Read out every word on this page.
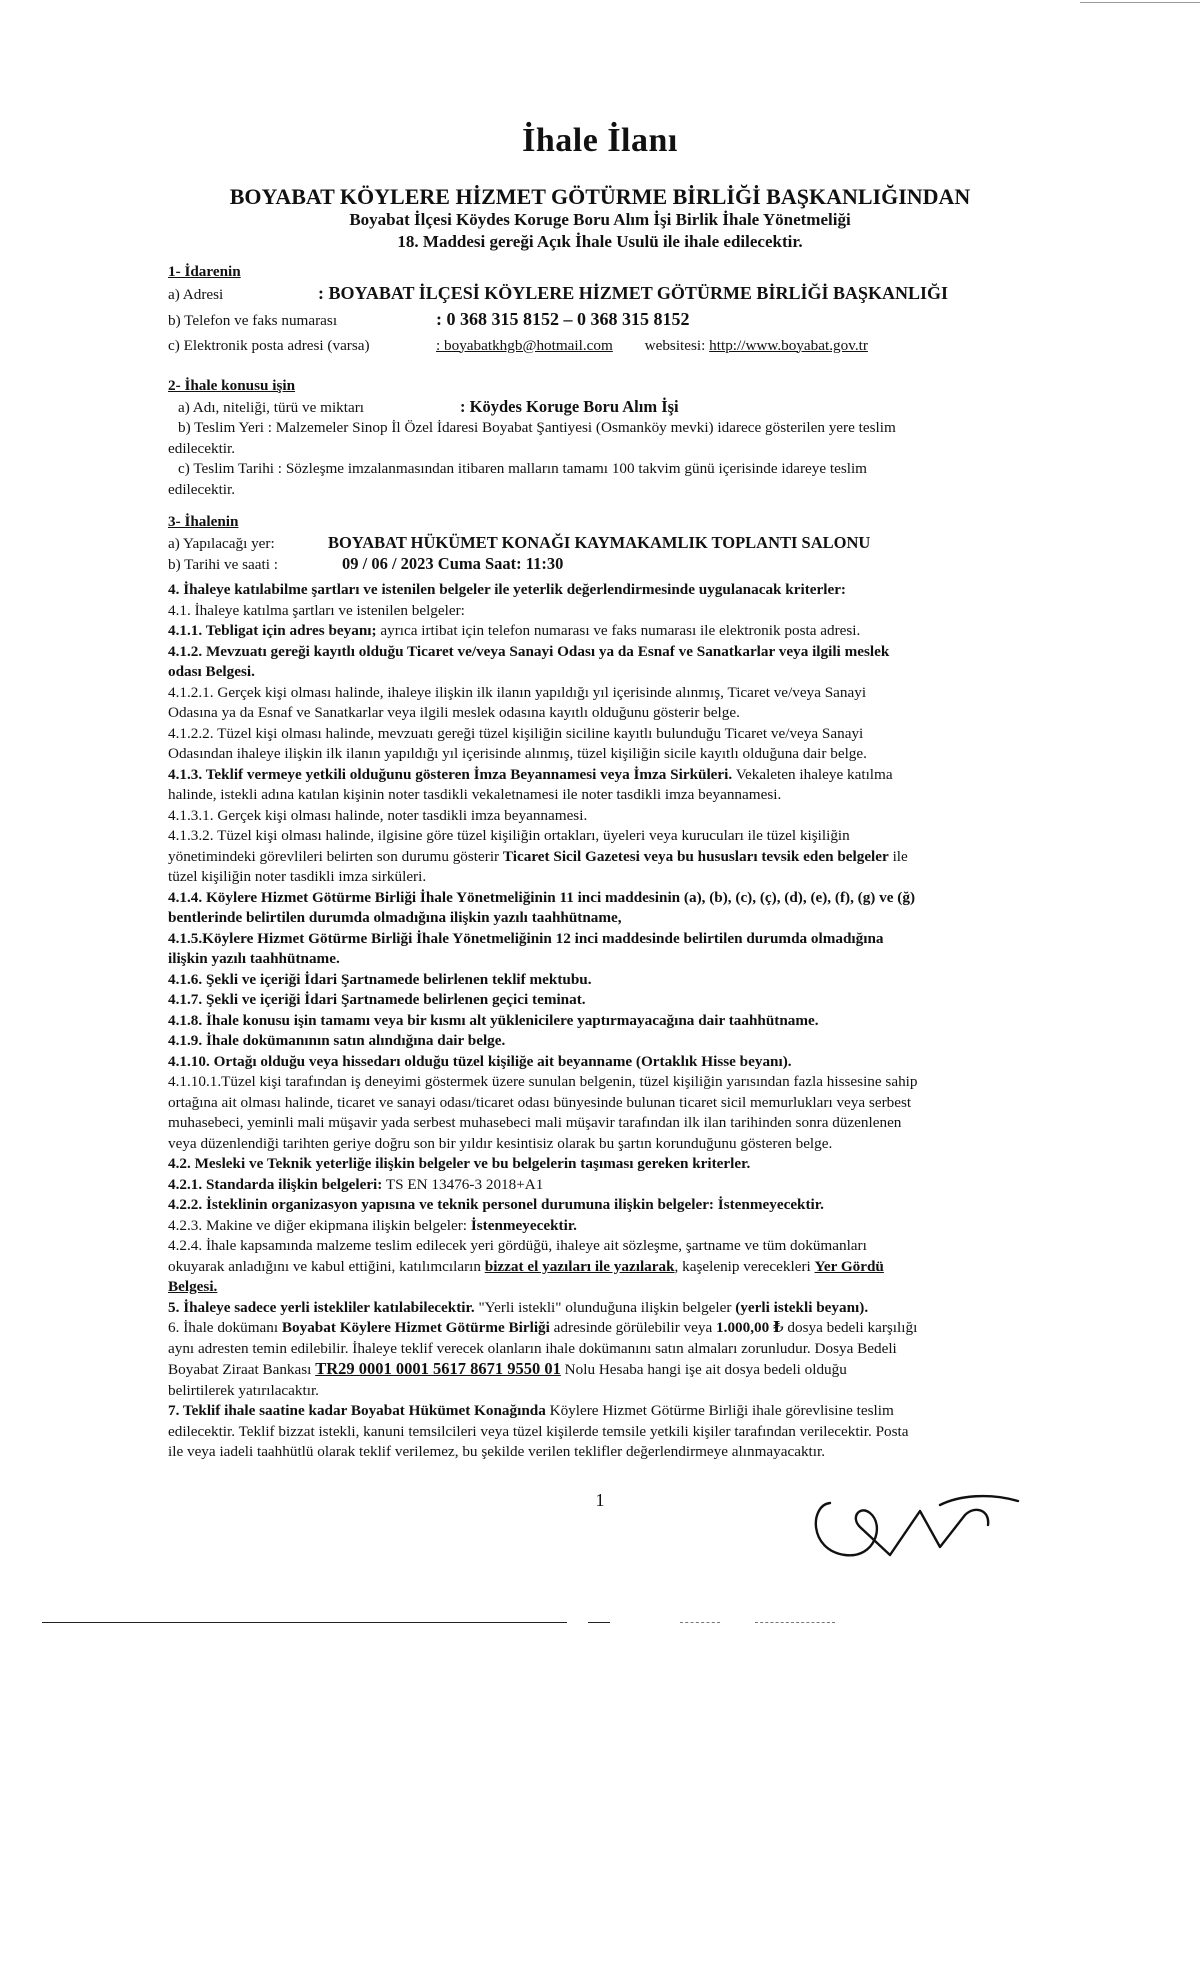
İhale İlanı
BOYABAT KÖYLERE HİZMET GÖTÜRME BİRLİĞİ BAŞKANLIĞINDAN
Boyabat İlçesi Köydes Koruge Boru Alım İşi Birlik İhale Yönetmeliği
18. Maddesi gereği Açık İhale Usulü ile ihale edilecektir.
1- İdarenin
a) Adresi	: BOYABAT İLÇESİ KÖYLERE HİZMET GÖTÜRME BİRLİĞİ BAŞKANLIĞI
b) Telefon ve faks numarası	: 0 368 315 8152 – 0 368 315 8152
c) Elektronik posta adresi (varsa)	: boyabatkhgb@hotmail.com websitesi: http://www.boyabat.gov.tr
2- İhale konusu işin
a) Adı, niteliği, türü ve miktarı	: Köydes Koruge Boru Alım İşi
b) Teslim Yeri : Malzemeler Sinop İl Özel İdaresi Boyabat Şantiyesi (Osmanköy mevki) idarece gösterilen yere teslim
edilecektir.
c) Teslim Tarihi : Sözleşme imzalanmasından itibaren malların tamamı 100 takvim günü içerisinde idareye teslim
edilecektir.
3- İhalenin
a) Yapılacağı yer:	BOYABAT HÜKÜMET KONAĞI KAYMAKAMLIK TOPLANTI SALONU
b) Tarihi ve saati :	09 / 06 / 2023 Cuma Saat: 11:30
4. İhaleye katılabilme şartları ve istenilen belgeler ile yeterlik değerlendirmesinde uygulanacak kriterler:
4.1. İhaleye katılma şartları ve istenilen belgeler:
4.1.1. Tebligat için adres beyanı; ayrıca irtibat için telefon numarası ve faks numarası ile elektronik posta adresi.
4.1.2. Mevzuatı gereği kayıtlı olduğu Ticaret ve/veya Sanayi Odası ya da Esnaf ve Sanatkarlar veya ilgili meslek
odası Belgesi.
4.1.2.1. Gerçek kişi olması halinde, ihaleye ilişkin ilk ilanın yapıldığı yıl içerisinde alınmış, Ticaret ve/veya Sanayi
Odasına ya da Esnaf ve Sanatkarlar veya ilgili meslek odasına kayıtlı olduğunu gösterir belge.
4.1.2.2. Tüzel kişi olması halinde, mevzuatı gereği tüzel kişiliğin siciline kayıtlı bulunduğu Ticaret ve/veya Sanayi
Odasından ihaleye ilişkin ilk ilanın yapıldığı yıl içerisinde alınmış, tüzel kişiliğin sicile kayıtlı olduğuna dair belge.
4.1.3. Teklif vermeye yetkili olduğunu gösteren İmza Beyannamesi veya İmza Sirküleri. Vekaleten ihaleye katılma
halinde, istekli adına katılan kişinin noter tasdikli vekaletnamesi ile noter tasdikli imza beyannamesi.
4.1.3.1. Gerçek kişi olması halinde, noter tasdikli imza beyannamesi.
4.1.3.2. Tüzel kişi olması halinde, ilgisine göre tüzel kişiliğin ortakları, üyeleri veya kurucuları ile tüzel kişiliğin
yönetimindeki görevlileri belirten son durumu gösterir Ticaret Sicil Gazetesi veya bu hususları tevsik eden belgeler ile
tüzel kişiliğin noter tasdikli imza sirküleri.
4.1.4. Köylere Hizmet Götürme Birliği İhale Yönetmeliğinin 11 inci maddesinin (a), (b), (c), (ç), (d), (e), (f), (g) ve (ğ)
bentlerinde belirtilen durumda olmadığına ilişkin yazılı taahhütname,
4.1.5.Köylere Hizmet Götürme Birliği İhale Yönetmeliğinin 12 inci maddesinde belirtilen durumda olmadığına
ilişkin yazılı taahhütname.
4.1.6. Şekli ve içeriği İdari Şartnamede belirlenen teklif mektubu.
4.1.7. Şekli ve içeriği İdari Şartnamede belirlenen geçici teminat.
4.1.8. İhale konusu işin tamamı veya bir kısmı alt yüklenicilere yaptırmayacağına dair taahhütname.
4.1.9. İhale dokümanının satın alındığına dair belge.
4.1.10. Ortağı olduğu veya hissedarı olduğu tüzel kişiliğe ait beyanname (Ortaklık Hisse beyanı).
4.1.10.1.Tüzel kişi tarafından iş deneyimi göstermek üzere sunulan belgenin, tüzel kişiliğin yarısından fazla hissesine sahip
ortağına ait olması halinde, ticaret ve sanayi odası/ticaret odası bünyesinde bulunan ticaret sicil memurlukları veya serbest
muhasebeci, yeminli mali müşavir yada serbest muhasebeci mali müşavir tarafından ilk ilan tarihinden sonra düzenlenen
veya düzenlendiği tarihten geriye doğru son bir yıldır kesintisiz olarak bu şartın korunduğunu gösteren belge.
4.2. Mesleki ve Teknik yeterliğe ilişkin belgeler ve bu belgelerin taşıması gereken kriterler.
4.2.1. Standarda ilişkin belgeleri: TS EN 13476-3 2018+A1
4.2.2. İsteklinin organizasyon yapısına ve teknik personel durumuna ilişkin belgeler: İstenmeyecektir.
4.2.3. Makine ve diğer ekipmana ilişkin belgeler: İstenmeyecektir.
4.2.4. İhale kapsamında malzeme teslim edilecek yeri gördüğü, ihaleye ait sözleşme, şartname ve tüm dokümanları
okuyarak anladığını ve kabul ettiğini, katılımcıların bizzat el yazıları ile yazılarak, kaşelenip verecekleri Yer Gördü
Belgesi.
5. İhaleye sadece yerli istekliler katılabilecektir. "Yerli istekli" olunduğuna ilişkin belgeler (yerli istekli beyanı).
6. İhale dokümanı Boyabat Köylere Hizmet Götürme Birliği adresinde görülebilir veya 1.000,00 ₺ dosya bedeli karşılığı
aynı adresten temin edilebilir. İhaleye teklif verecek olanların ihale dokümanını satın almaları zorunludur. Dosya Bedeli
Boyabat Ziraat Bankası TR29 0001 0001 5617 8671 9550 01 Nolu Hesaba hangi işe ait dosya bedeli olduğu
belirtilerek yatırılacaktır.
7. Teklif ihale saatine kadar Boyabat Hükümet Konağında Köylere Hizmet Götürme Birliği ihale görevlisine teslim
edilecektir. Teklif bizzat istekli, kanuni temsilcileri veya tüzel kişilerde temsile yetkili kişiler tarafından verilecektir. Posta
ile veya iadeli taahhütlü olarak teklif verilemez, bu şekilde verilen teklifler değerlendirmeye alınmayacaktır.
1
